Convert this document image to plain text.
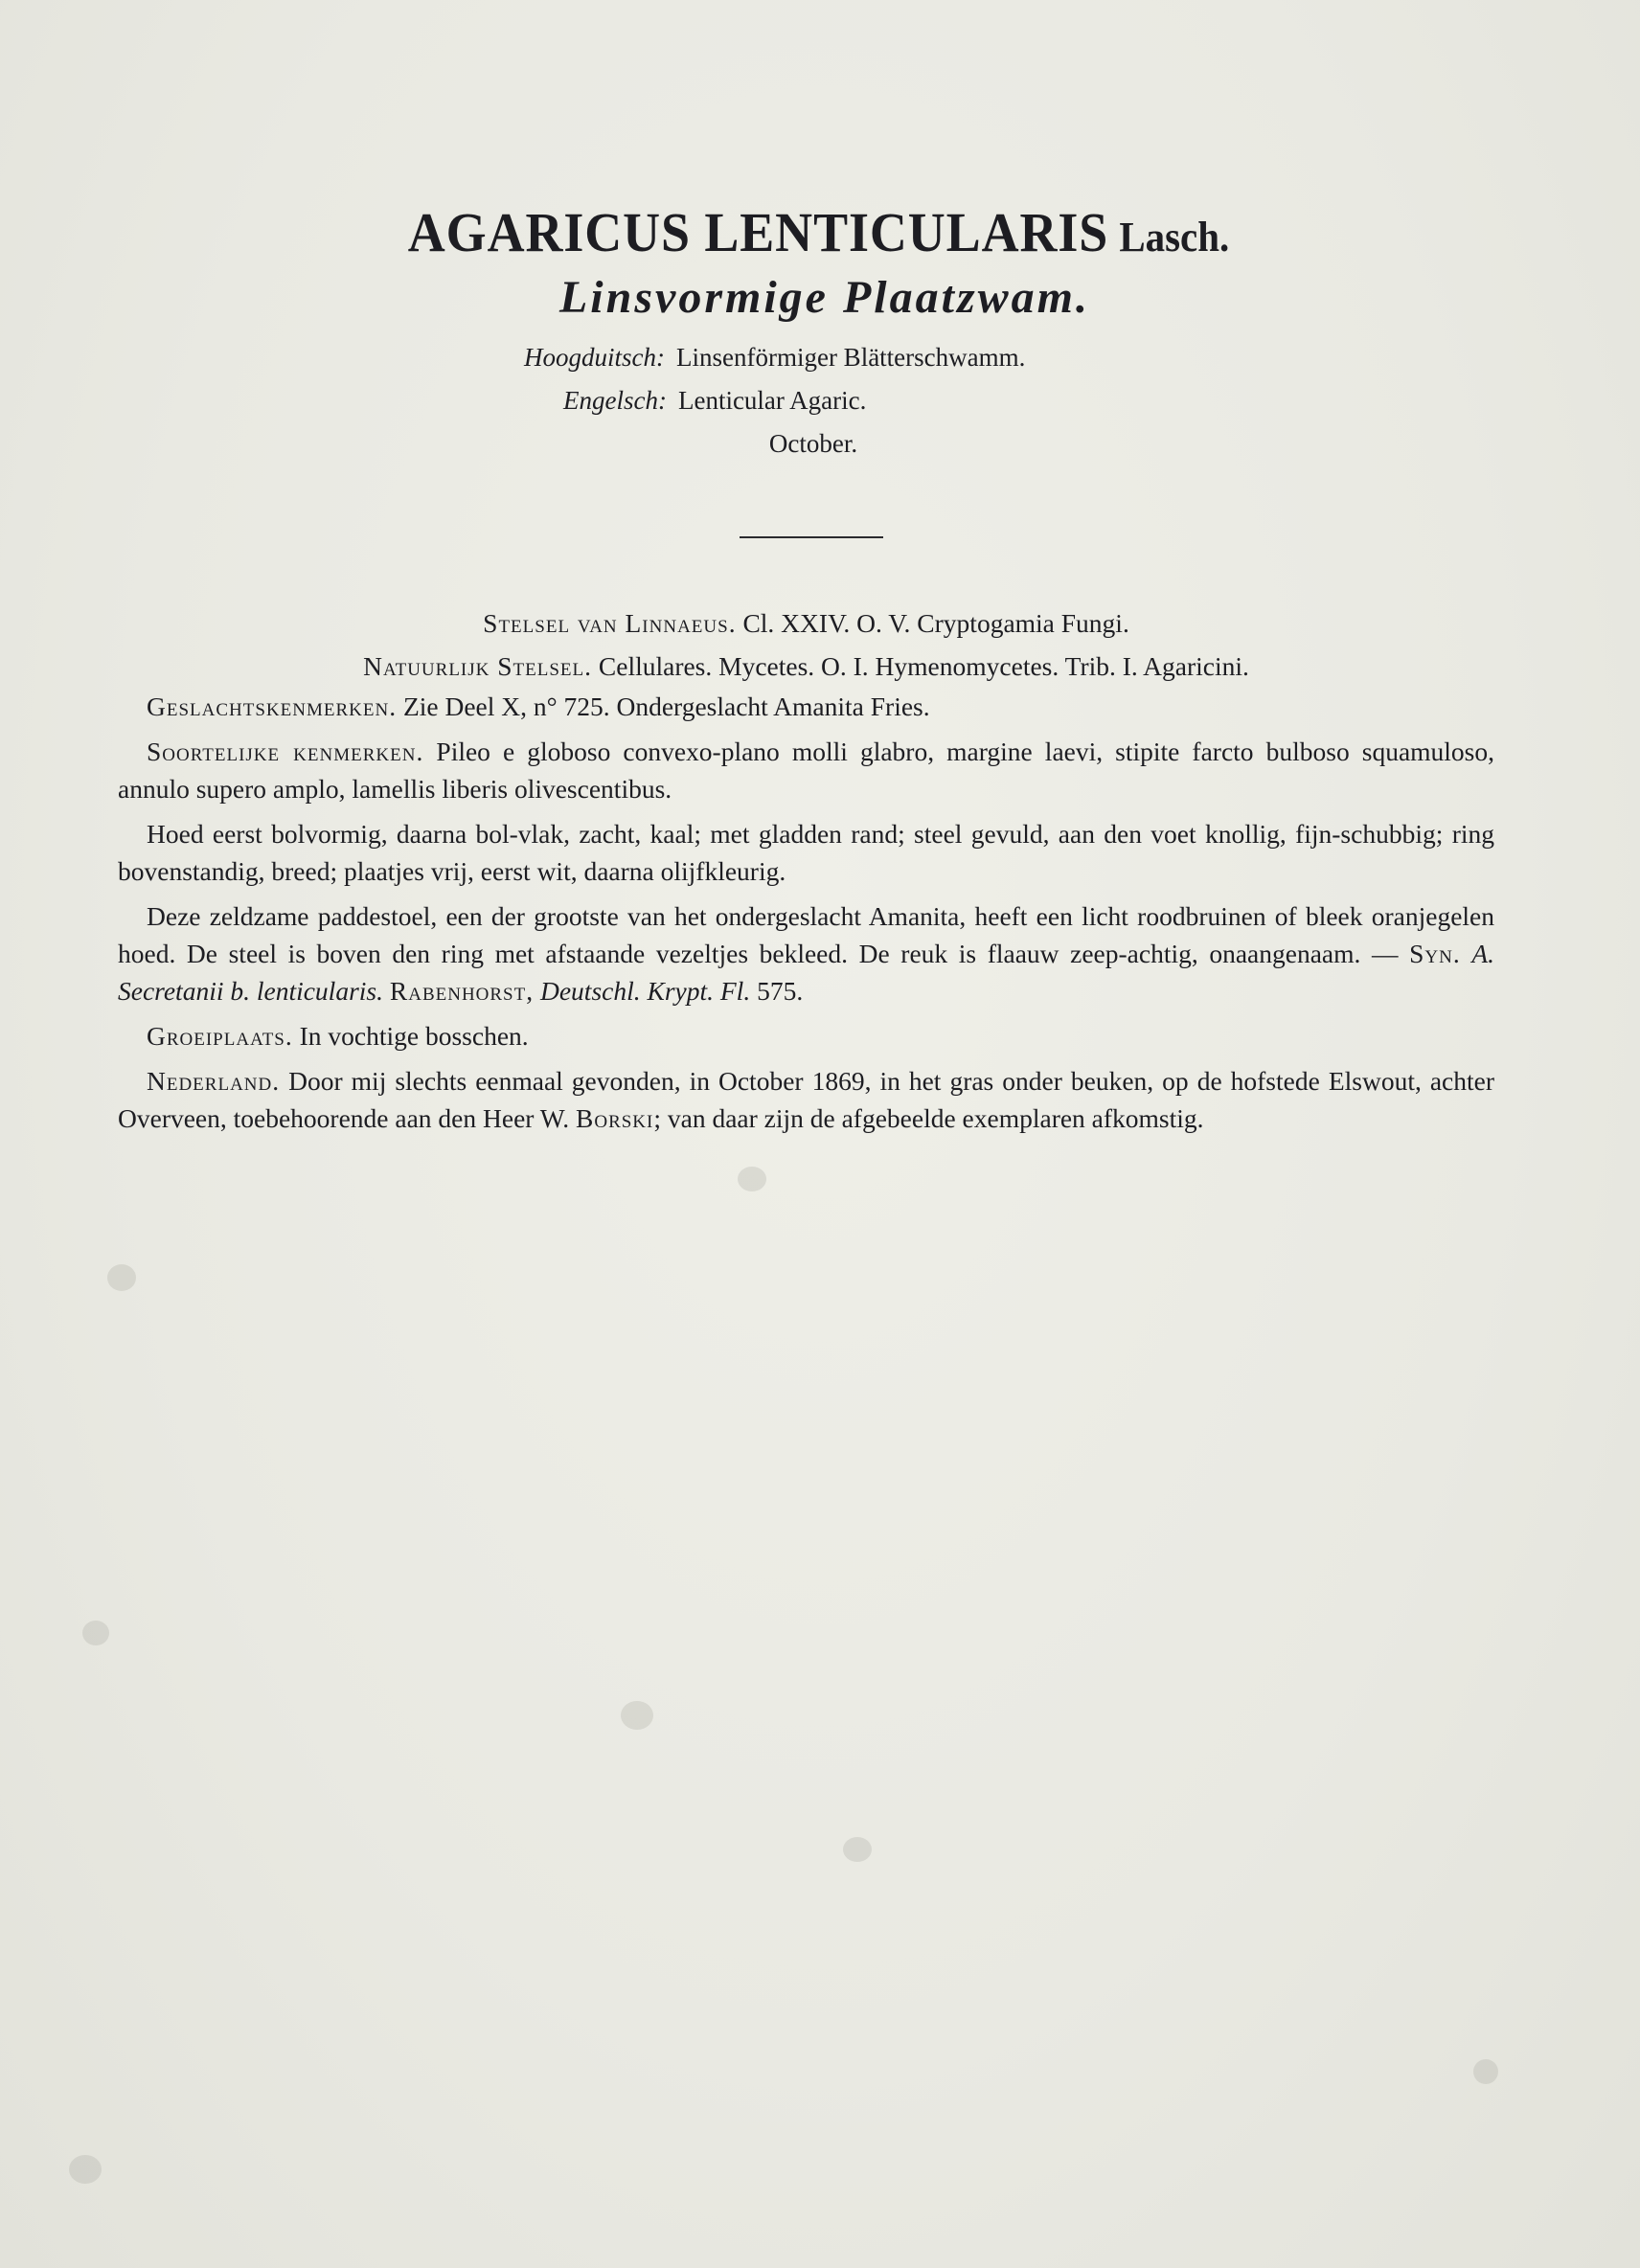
AGARICUS LENTICULARIS Lasch.
Linsvormige Plaatzwam.
Hoogduitsch: Linsenförmiger Blätterschwamm.
Engelsch: Lenticular Agaric.
October.
Stelsel van Linnaeus. Cl. XXIV. O. V. Cryptogamia Fungi.
Natuurlijk Stelsel. Cellulares. Mycetes. O. I. Hymenomycetes. Trib. I. Agaricini.

Geslachtskenmerken. Zie Deel X, n° 725. Ondergeslacht Amanita Fries.

Soortelijke kenmerken. Pileo e globoso convexo-plano molli glabro, margine laevi, stipite farcto bulboso squamuloso, annulo supero amplo, lamellis liberis olivescentibus.

Hoed eerst bolvormig, daarna bol-vlak, zacht, kaal; met gladden rand; steel gevuld, aan den voet knollig, fijn-schubbig; ring bovenstandig, breed; plaatjes vrij, eerst wit, daarna olijfkleurig.

Deze zeldzame paddestoel, een der grootste van het ondergeslacht Amanita, heeft een licht roodbruinen of bleek oranjegelen hoed. De steel is boven den ring met afstaande vezeltjes bekleed. De reuk is flaauw zeep-achtig, onaangenaam. — Syn. A. Secretanii b. lenticularis. Rabenhorst, Deutschl. Krypt. Fl. 575.

Groeiplaats. In vochtige bosschen.

Nederland. Door mij slechts eenmaal gevonden, in October 1869, in het gras onder beuken, op de hofstede Elswout, achter Overveen, toebehoorende aan den Heer W. Borski; van daar zijn de afgebeelde exemplaren afkomstig.
